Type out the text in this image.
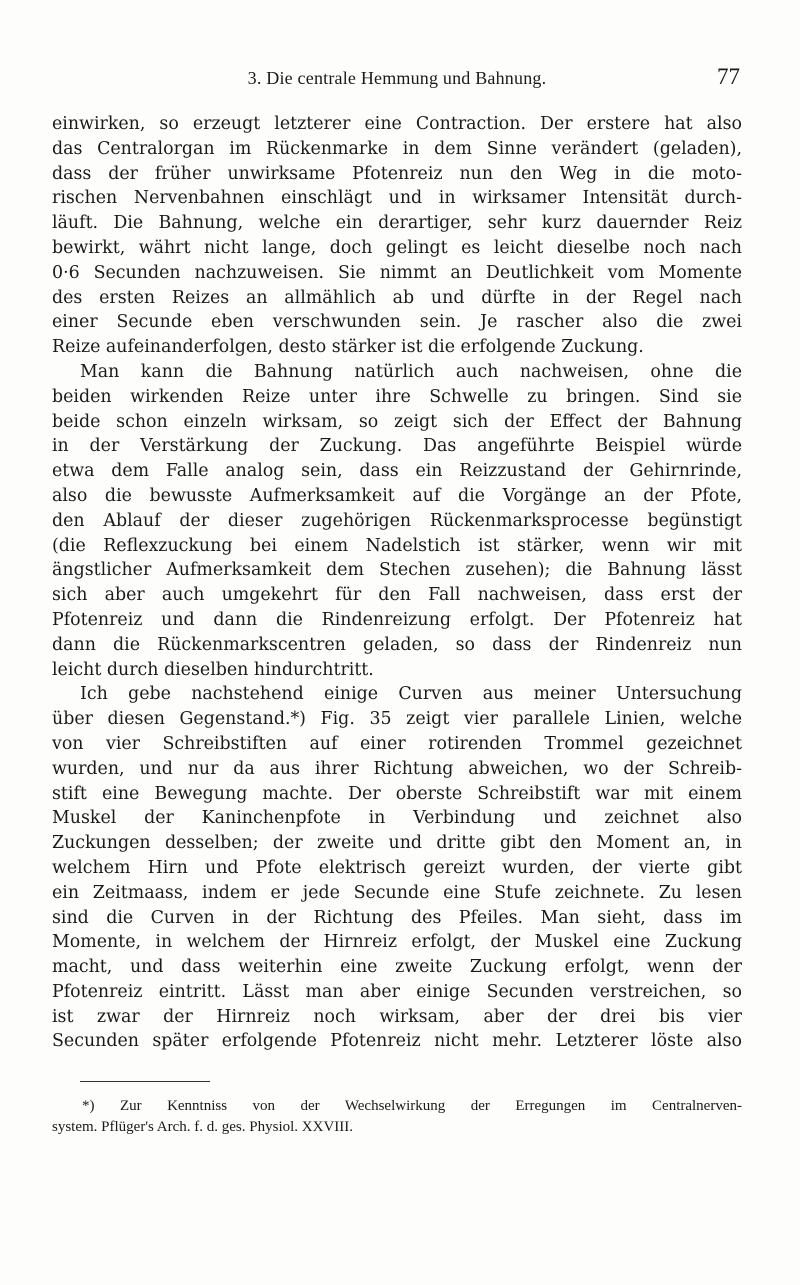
3. Die centrale Hemmung und Bahnung.	77
einwirken, so erzeugt letzterer eine Contraction. Der erstere hat also
das Centralorgan im Rückenmarke in dem Sinne verändert (geladen),
dass der früher unwirksame Pfotenreiz nun den Weg in die moto-
rischen Nervenbahnen einschlägt und in wirksamer Intensität durch-
läuft. Die Bahnung, welche ein derartiger, sehr kurz dauernder Reiz
bewirkt, währt nicht lange, doch gelingt es leicht dieselbe noch nach
0·6 Secunden nachzuweisen. Sie nimmt an Deutlichkeit vom Momente
des ersten Reizes an allmählich ab und dürfte in der Regel nach
einer Secunde eben verschwunden sein. Je rascher also die zwei
Reize aufeinanderfolgen, desto stärker ist die erfolgende Zuckung.
Man kann die Bahnung natürlich auch nachweisen, ohne die
beiden wirkenden Reize unter ihre Schwelle zu bringen. Sind sie
beide schon einzeln wirksam, so zeigt sich der Effect der Bahnung
in der Verstärkung der Zuckung. Das angeführte Beispiel würde
etwa dem Falle analog sein, dass ein Reizzustand der Gehirnrinde,
also die bewusste Aufmerksamkeit auf die Vorgänge an der Pfote,
den Ablauf der dieser zugehörigen Rückenmarksprocesse begünstigt
(die Reflexzuckung bei einem Nadelstich ist stärker, wenn wir mit
ängstlicher Aufmerksamkeit dem Stechen zusehen); die Bahnung lässt
sich aber auch umgekehrt für den Fall nachweisen, dass erst der
Pfotenreiz und dann die Rindenreizung erfolgt. Der Pfotenreiz hat
dann die Rückenmarkscentren geladen, so dass der Rindenreiz nun
leicht durch dieselben hindurchtritt.
Ich gebe nachstehend einige Curven aus meiner Untersuchung
über diesen Gegenstand.*) Fig. 35 zeigt vier parallele Linien, welche
von vier Schreibstiften auf einer rotirenden Trommel gezeichnet
wurden, und nur da aus ihrer Richtung abweichen, wo der Schreib-
stift eine Bewegung machte. Der oberste Schreibstift war mit einem
Muskel der Kaninchenpfote in Verbindung und zeichnet also
Zuckungen desselben; der zweite und dritte gibt den Moment an, in
welchem Hirn und Pfote elektrisch gereizt wurden, der vierte gibt
ein Zeitmaass, indem er jede Secunde eine Stufe zeichnete. Zu lesen
sind die Curven in der Richtung des Pfeiles. Man sieht, dass im
Momente, in welchem der Hirnreiz erfolgt, der Muskel eine Zuckung
macht, und dass weiterhin eine zweite Zuckung erfolgt, wenn der
Pfotenreiz eintritt. Lässt man aber einige Secunden verstreichen, so
ist zwar der Hirnreiz noch wirksam, aber der drei bis vier
Secunden später erfolgende Pfotenreiz nicht mehr. Letzterer löste also
*) Zur Kenntniss von der Wechselwirkung der Erregungen im Centralnerven-
system. Pflüger's Arch. f. d. ges. Physiol. XXVIII.
